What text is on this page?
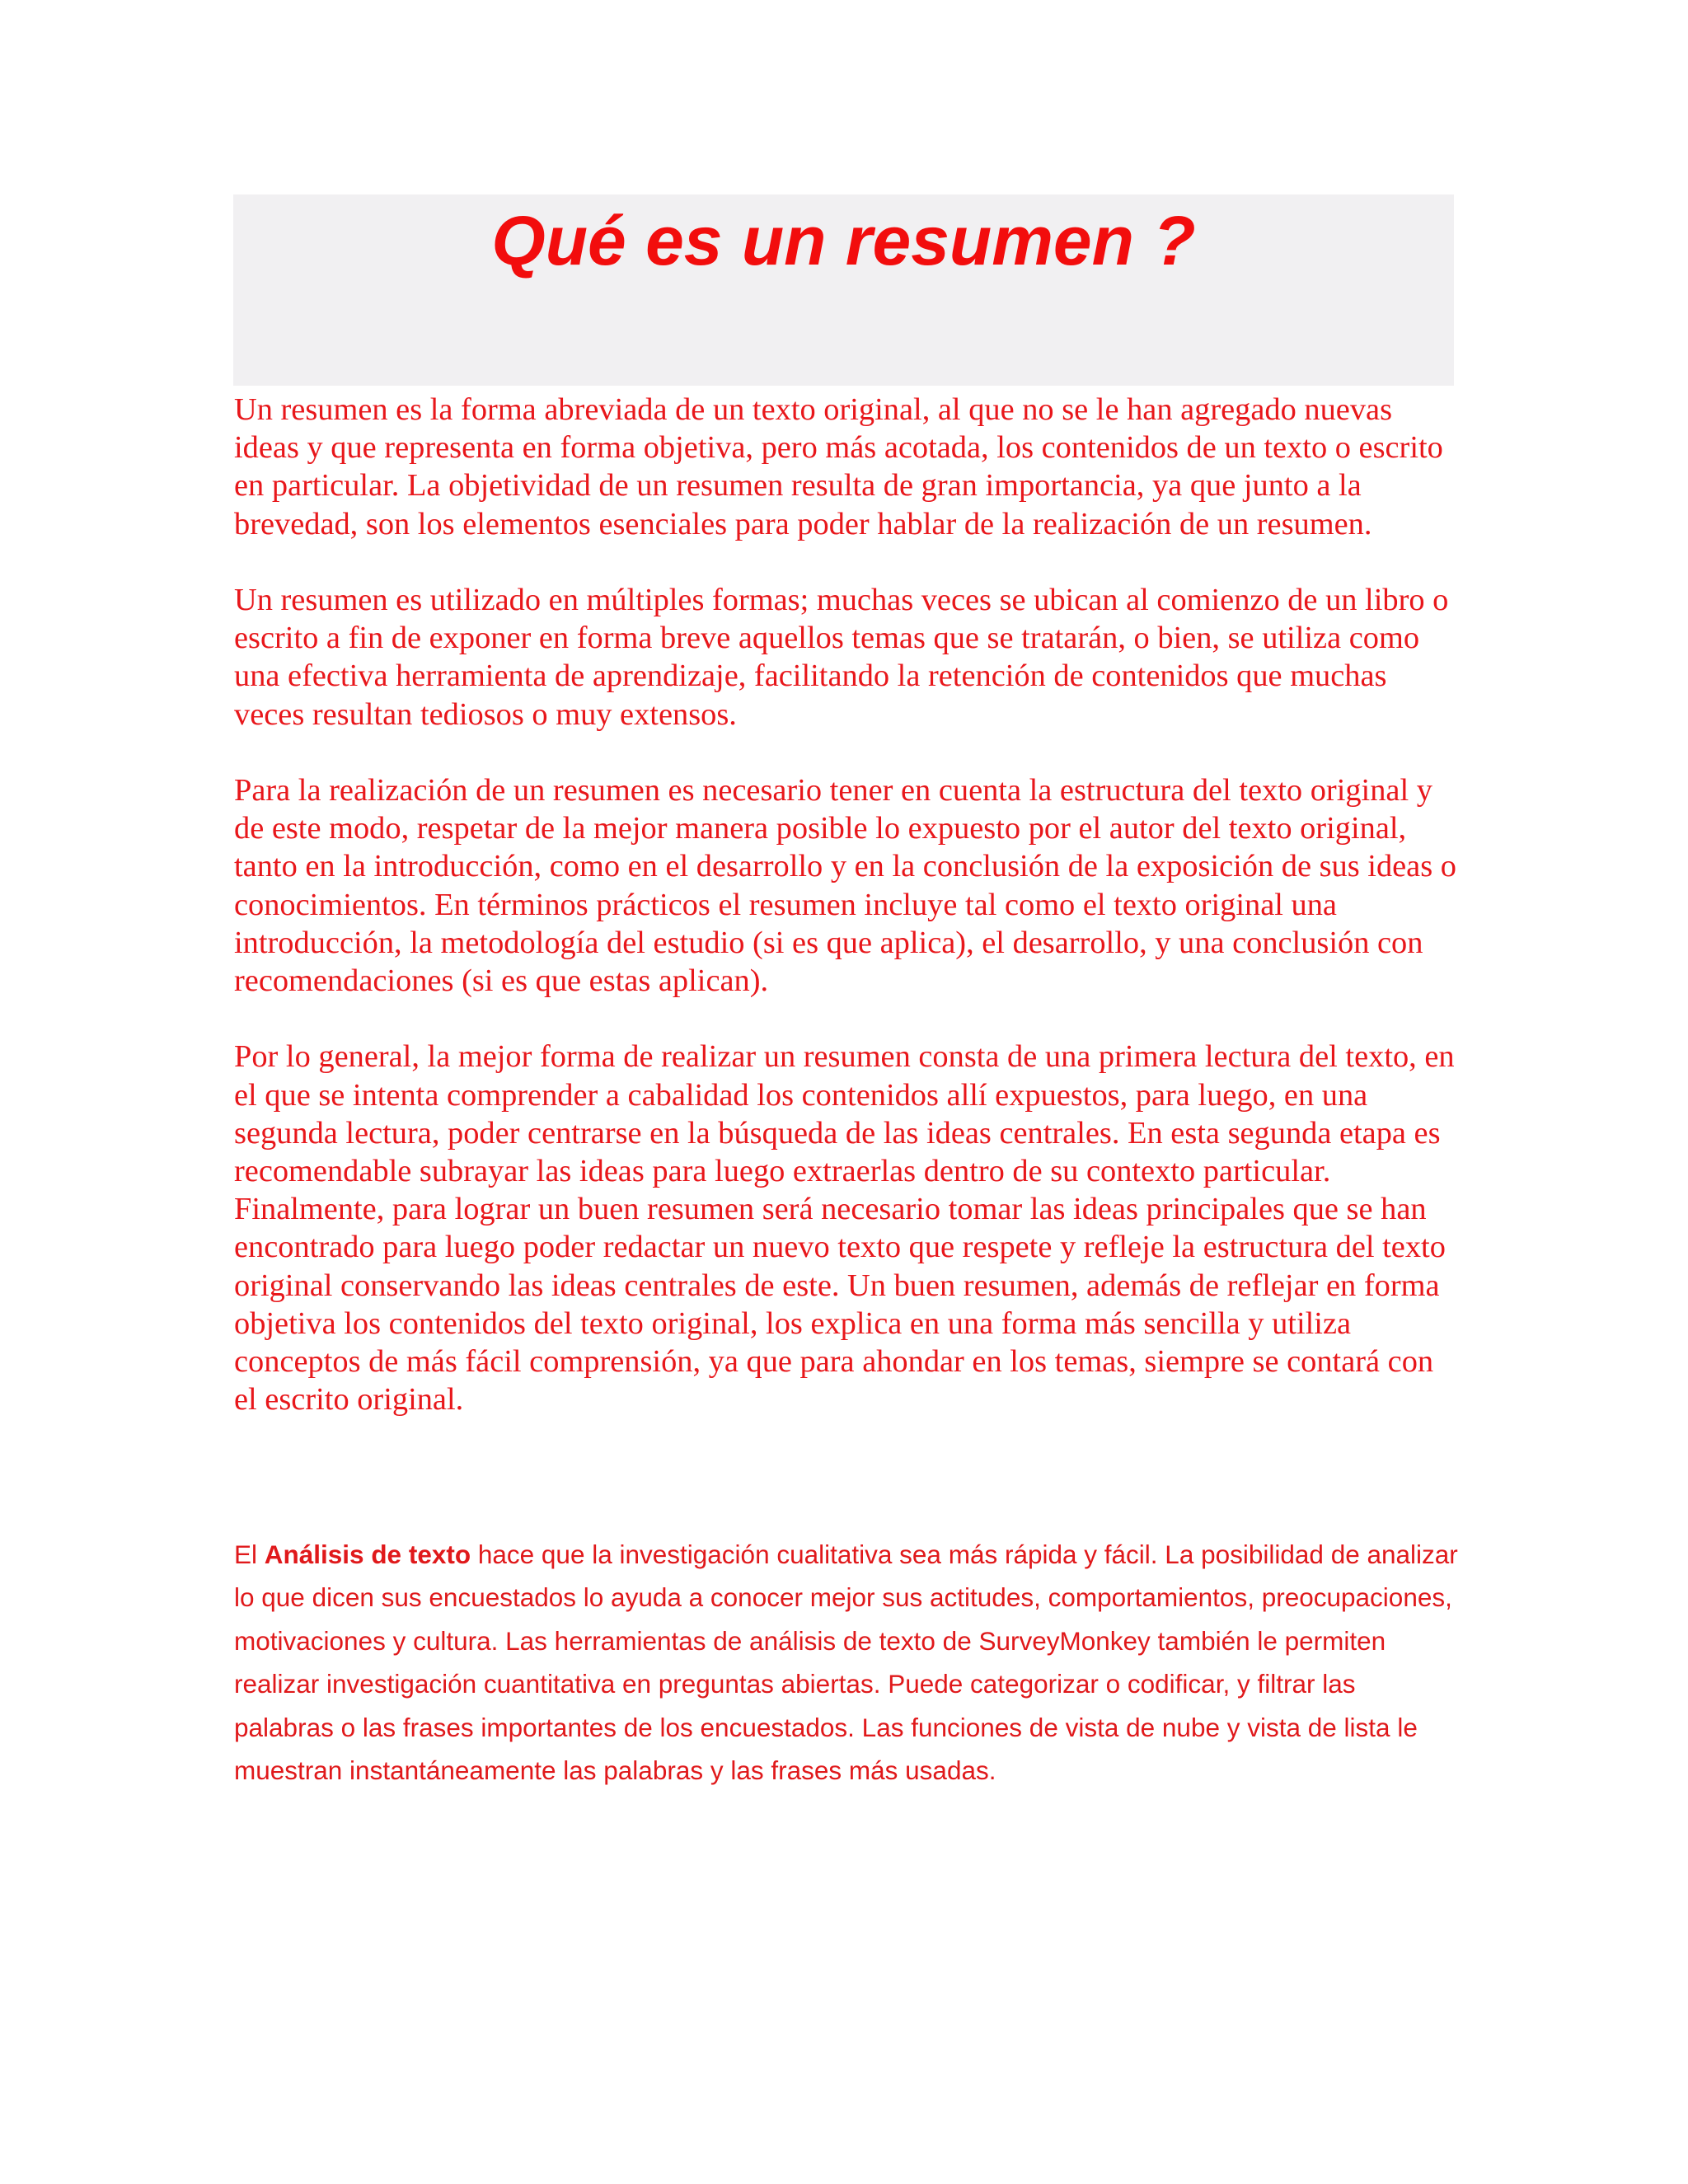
Qué es un resumen ?

Un resumen es la forma abreviada de un texto original, al que no se le han agregado nuevas ideas y que representa en forma objetiva, pero más acotada, los contenidos de un texto o escrito en particular. La objetividad de un resumen resulta de gran importancia, ya que junto a la brevedad, son los elementos esenciales para poder hablar de la realización de un resumen.

Un resumen es utilizado en múltiples formas; muchas veces se ubican al comienzo de un libro o escrito a fin de exponer en forma breve aquellos temas que se tratarán, o bien, se utiliza como una efectiva herramienta de aprendizaje, facilitando la retención de contenidos que muchas veces resultan tediosos o muy extensos.

Para la realización de un resumen es necesario tener en cuenta la estructura del texto original y de este modo, respetar de la mejor manera posible lo expuesto por el autor del texto original, tanto en la introducción, como en el desarrollo y en la conclusión de la exposición de sus ideas o conocimientos. En términos prácticos el resumen incluye tal como el texto original una introducción, la metodología del estudio (si es que aplica), el desarrollo, y una conclusión con recomendaciones (si es que estas aplican).

Por lo general, la mejor forma de realizar un resumen consta de una primera lectura del texto, en el que se intenta comprender a cabalidad los contenidos allí expuestos, para luego, en una segunda lectura, poder centrarse en la búsqueda de las ideas centrales. En esta segunda etapa es recomendable subrayar las ideas para luego extraerlas dentro de su contexto particular. Finalmente, para lograr un buen resumen será necesario tomar las ideas principales que se han encontrado para luego poder redactar un nuevo texto que respete y refleje la estructura del texto original conservando las ideas centrales de este. Un buen resumen, además de reflejar en forma objetiva los contenidos del texto original, los explica en una forma más sencilla y utiliza conceptos de más fácil comprensión, ya que para ahondar en los temas, siempre se contará con el escrito original.

El Análisis de texto hace que la investigación cualitativa sea más rápida y fácil. La posibilidad de analizar lo que dicen sus encuestados lo ayuda a conocer mejor sus actitudes, comportamientos, preocupaciones, motivaciones y cultura. Las herramientas de análisis de texto de SurveyMonkey también le permiten realizar investigación cuantitativa en preguntas abiertas. Puede categorizar o codificar, y filtrar las palabras o las frases importantes de los encuestados. Las funciones de vista de nube y vista de lista le muestran instantáneamente las palabras y las frases más usadas.
